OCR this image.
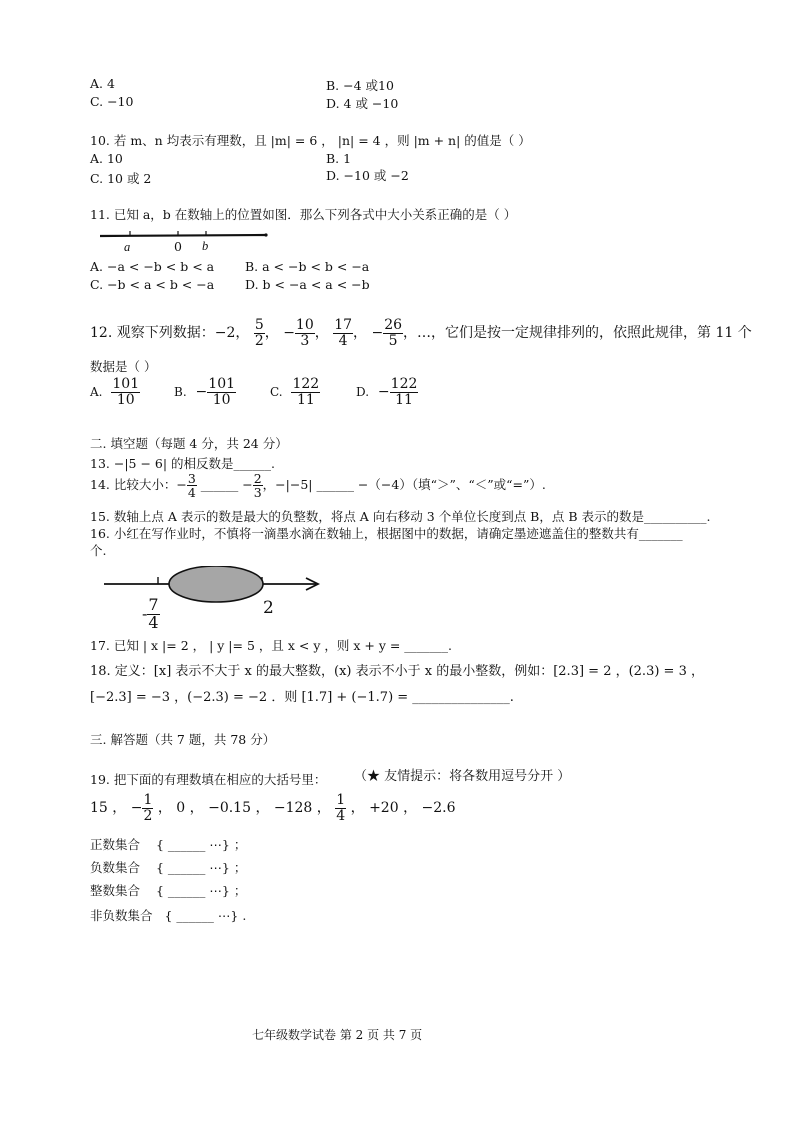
A. 4	B. −4 或10
C. −10	D. 4 或 −10
10. 若 m、n 均表示有理数，且 |m| = 6 ， |n| = 4 ，则 |m + n| 的值是（ ）
A. 10	B. 1
C. 10 或 2	D. −10 或 −2
11. 已知 a，b 在数轴上的位置如图．那么下列各式中大小关系正确的是（ ）
a	0 b
A. −a < −b < b < a B. a < −b < b < −a
C. −b < a < b < −a D. b < −a < a < −b
12. 观察下列数据：−2， $\frac{5}{2}$ ， − $\frac{10}{3}$ ， $\frac{17}{4}$ ， − $\frac{26}{5}$ ，…，它们是按一定规律排列的，依照此规律，第 11 个
数据是（ ）
A. $\frac{101}{10}$	B. − $\frac{101}{10}$	C. $\frac{122}{11}$	D. − $\frac{122}{11}$
二. 填空题（每题 4 分，共 24 分）
13. −|5 − 6| 的相反数是______.
14. 比较大小：− $\frac{3}{4}$ ______ − $\frac{2}{3}$ ，−|−5| ______ −（−4）（填“＞”、“＜”或“=”）.
15. 数轴上点 A 表示的数是最大的负整数，将点 A 向右移动 3 个单位长度到点 B，点 B 表示的数是__________.
16. 小红在写作业时，不慎将一滴墨水滴在数轴上，根据图中的数据，请确定墨迹遮盖住的整数共有_______
个.
- $\frac{7}{4}$	2
17. 已知 | x |= 2 ， | y |= 5 ，且 x < y ，则 x + y = _______.
18. 定义：[x] 表示不大于 x 的最大整数，(x) 表示不小于 x 的最小整数，例如：[2.3] = 2 ，(2.3) = 3 ，
[−2.3] = −3 ，(−2.3) = −2 ．则 [1.7] + (−1.7) = _______________.
三. 解答题（共 7 题，共 78 分）
19. 把下面的有理数填在相应的大括号里： （★ 友情提示：将各数用逗号分开 ）
15 ， − $\frac{1}{2}$ ， 0 ， −0.15 ， −128 ， $\frac{1}{4}$ ， +20 ， −2.6
正数集合 { ______ ⋯} ；
负数集合 { ______ ⋯} ；
整数集合 { ______ ⋯} ；
非负数集合 { ______ ⋯} .
七年级数学试卷 第 2 页 共 7 页
